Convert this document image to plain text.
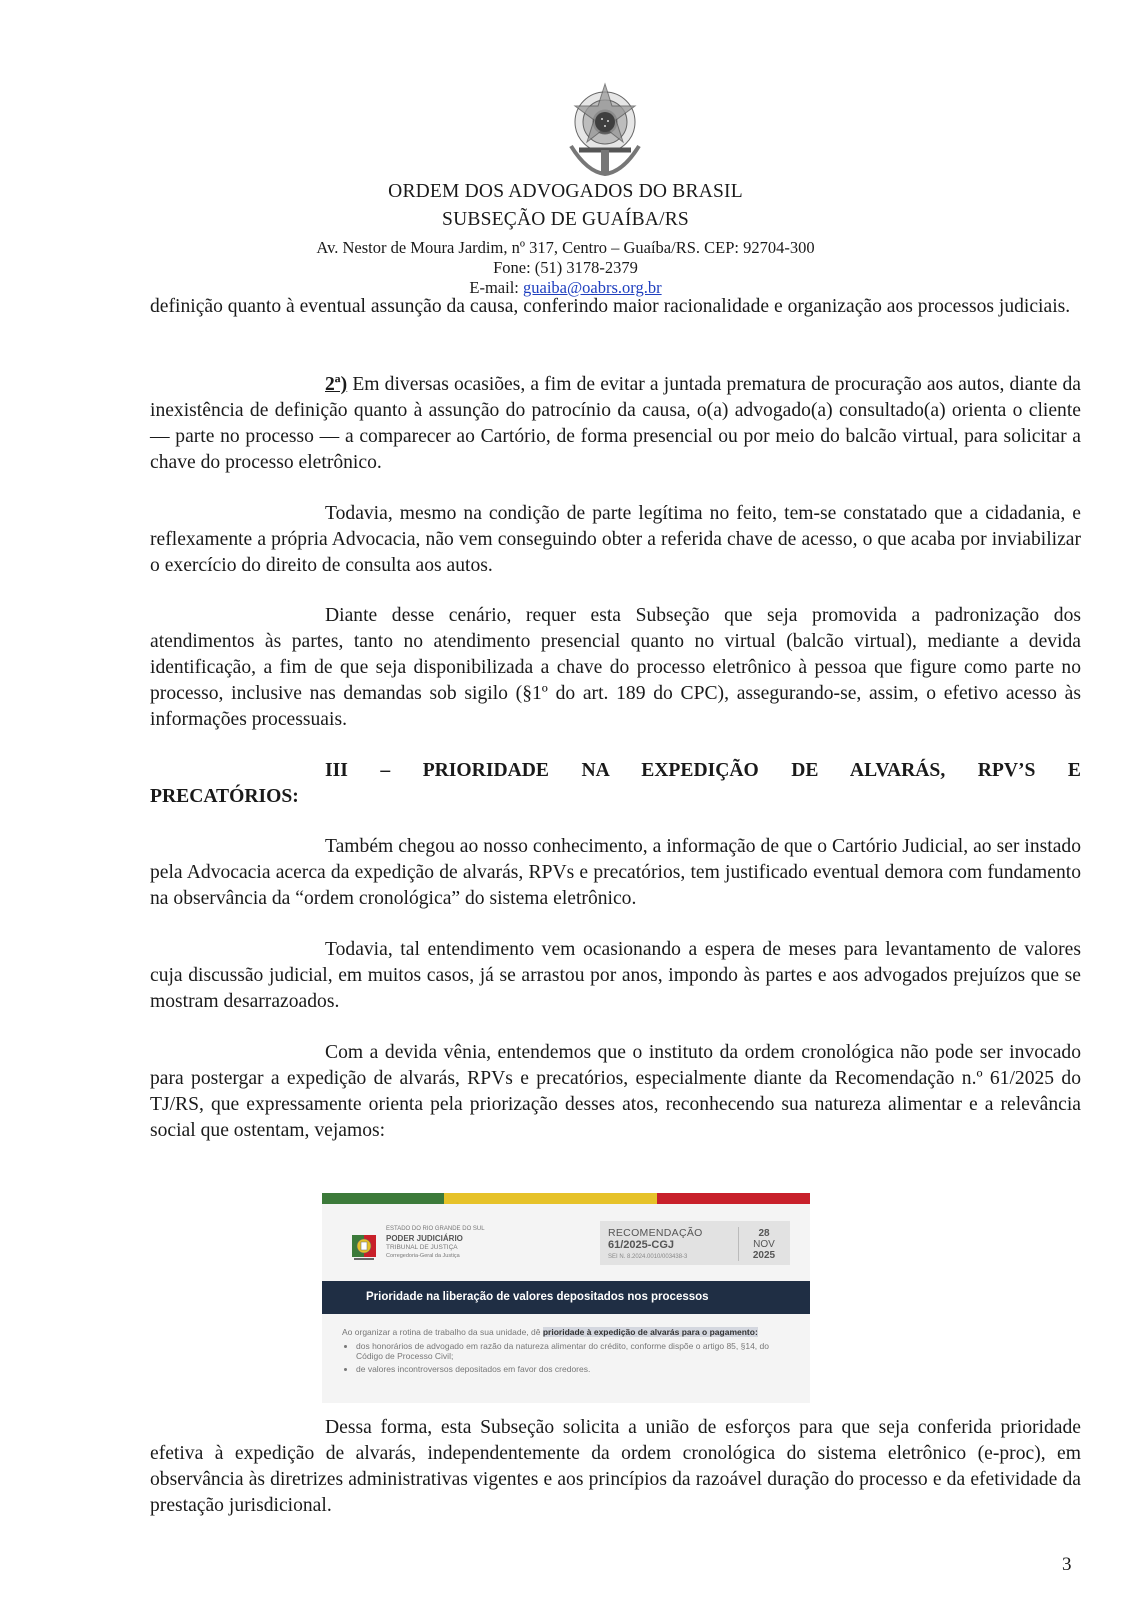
ORDEM DOS ADVOGADOS DO BRASIL
SUBSEÇÃO DE GUAÍBA/RS
Av. Nestor de Moura Jardim, nº 317, Centro – Guaíba/RS. CEP: 92704-300
Fone: (51) 3178-2379
E-mail: guaiba@oabrs.org.br

definição quanto à eventual assunção da causa, conferindo maior racionalidade e organização aos processos judiciais.

2ª) Em diversas ocasiões, a fim de evitar a juntada prematura de procuração aos autos, diante da inexistência de definição quanto à assunção do patrocínio da causa, o(a) advogado(a) consultado(a) orienta o cliente — parte no processo — a comparecer ao Cartório, de forma presencial ou por meio do balcão virtual, para solicitar a chave do processo eletrônico.

Todavia, mesmo na condição de parte legítima no feito, tem-se constatado que a cidadania, e reflexamente a própria Advocacia, não vem conseguindo obter a referida chave de acesso, o que acaba por inviabilizar o exercício do direito de consulta aos autos.

Diante desse cenário, requer esta Subseção que seja promovida a padronização dos atendimentos às partes, tanto no atendimento presencial quanto no virtual (balcão virtual), mediante a devida identificação, a fim de que seja disponibilizada a chave do processo eletrônico à pessoa que figure como parte no processo, inclusive nas demandas sob sigilo (§1º do art. 189 do CPC), assegurando-se, assim, o efetivo acesso às informações processuais.

III – PRIORIDADE NA EXPEDIÇÃO DE ALVARÁS, RPV’S E PRECATÓRIOS:

Também chegou ao nosso conhecimento, a informação de que o Cartório Judicial, ao ser instado pela Advocacia acerca da expedição de alvarás, RPVs e precatórios, tem justificado eventual demora com fundamento na observância da “ordem cronológica” do sistema eletrônico.

Todavia, tal entendimento vem ocasionando a espera de meses para levantamento de valores cuja discussão judicial, em muitos casos, já se arrastou por anos, impondo às partes e aos advogados prejuízos que se mostram desarrazoados.

Com a devida vênia, entendemos que o instituto da ordem cronológica não pode ser invocado para postergar a expedição de alvarás, RPVs e precatórios, especialmente diante da Recomendação n.º 61/2025 do TJ/RS, que expressamente orienta pela priorização desses atos, reconhecendo sua natureza alimentar e a relevância social que ostentam, vejamos:

ESTADO DO RIO GRANDE DO SUL
PODER JUDICIÁRIO
TRIBUNAL DE JUSTIÇA
Corregedoria-Geral da Justiça
RECOMENDAÇÃO
61/2025-CGJ
SEI N. 8.2024.0010/003438-3
28
NOV
2025
Prioridade na liberação de valores depositados nos processos
Ao organizar a rotina de trabalho da sua unidade, dê prioridade à expedição de alvarás para o pagamento:
• dos honorários de advogado em razão da natureza alimentar do crédito, conforme dispõe o artigo 85, §14, do Código de Processo Civil;
• de valores incontroversos depositados em favor dos credores.

Dessa forma, esta Subseção solicita a união de esforços para que seja conferida prioridade efetiva à expedição de alvarás, independentemente da ordem cronológica do sistema eletrônico (e-proc), em observância às diretrizes administrativas vigentes e aos princípios da razoável duração do processo e da efetividade da prestação jurisdicional.

3
